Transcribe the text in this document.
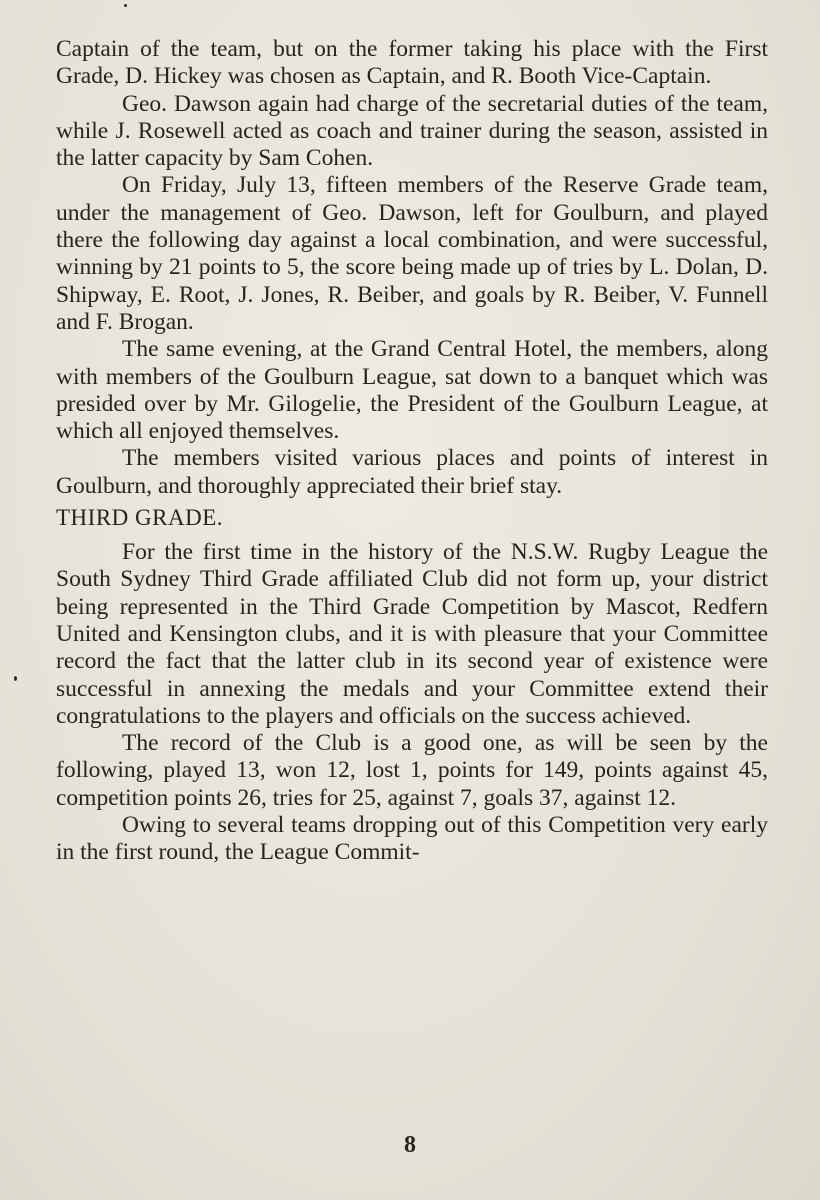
Captain of the team, but on the former taking his place with the First Grade, D. Hickey was chosen as Captain, and R. Booth Vice-Captain.

Geo. Dawson again had charge of the secretarial duties of the team, while J. Rosewell acted as coach and trainer during the season, assisted in the latter capacity by Sam Cohen.

On Friday, July 13, fifteen members of the Reserve Grade team, under the management of Geo. Dawson, left for Goulburn, and played there the following day against a local combination, and were successful, winning by 21 points to 5, the score being made up of tries by L. Dolan, D. Shipway, E. Root, J. Jones, R. Beiber, and goals by R. Beiber, V. Funnell and F. Brogan.

The same evening, at the Grand Central Hotel, the members, along with members of the Goulburn League, sat down to a banquet which was presided over by Mr. Gilogelie, the President of the Goulburn League, at which all enjoyed themselves.

The members visited various places and points of interest in Goulburn, and thoroughly appreciated their brief stay.

THIRD GRADE.

For the first time in the history of the N.S.W. Rugby League the South Sydney Third Grade affiliated Club did not form up, your district being represented in the Third Grade Competition by Mascot, Redfern United and Kensington clubs, and it is with pleasure that your Committee record the fact that the latter club in its second year of existence were successful in annexing the medals and your Committee extend their congratulations to the players and officials on the success achieved.

The record of the Club is a good one, as will be seen by the following, played 13, won 12, lost 1, points for 149, points against 45, competition points 26, tries for 25, against 7, goals 37, against 12.

Owing to several teams dropping out of this Competition very early in the first round, the League Commit-

8
